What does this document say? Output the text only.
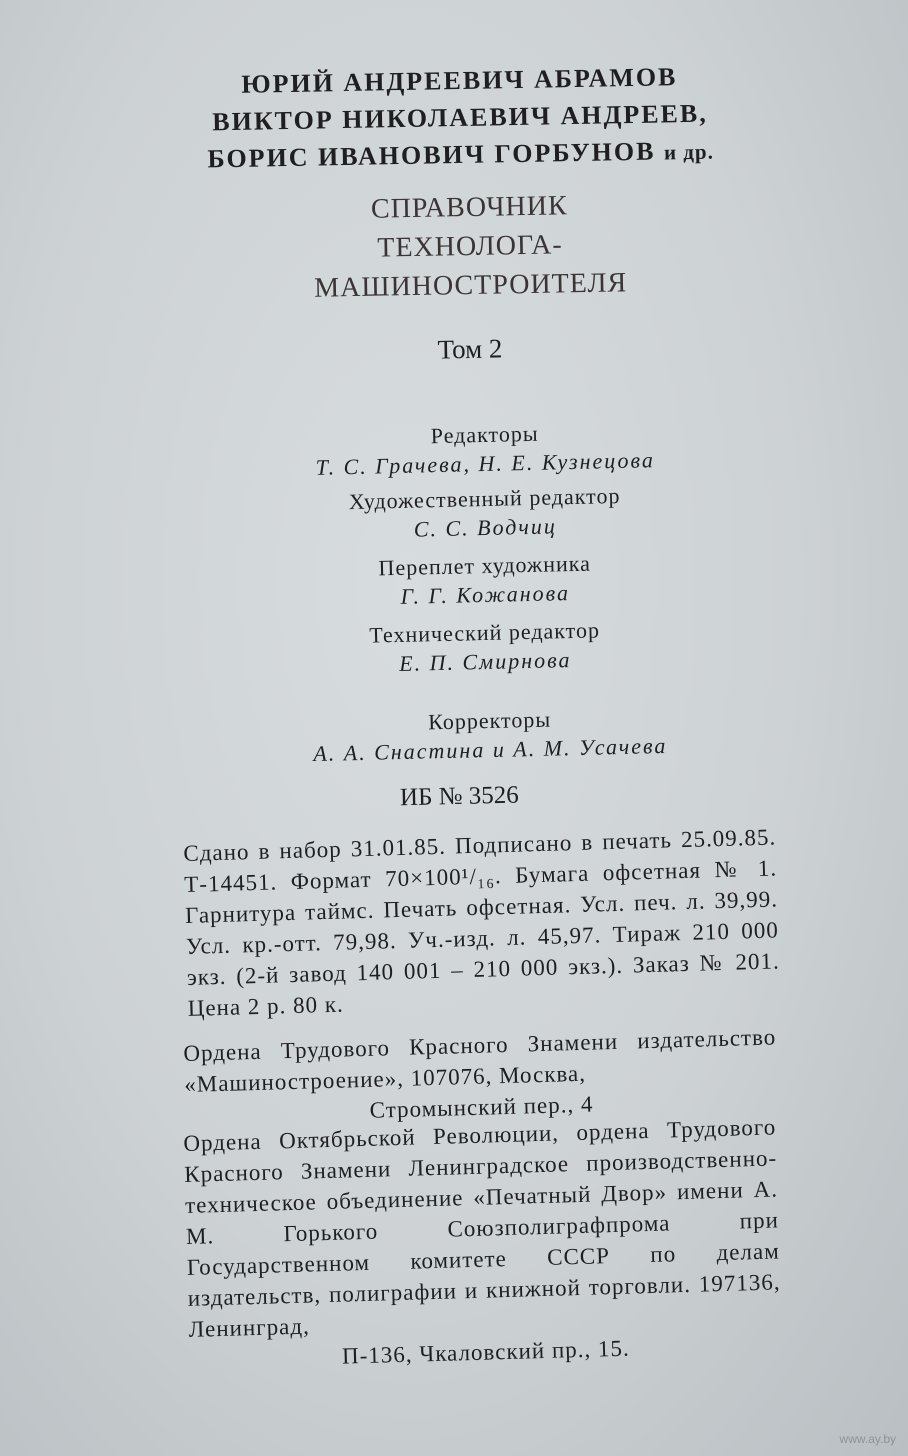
ЮРИЙ АНДРЕЕВИЧ АБРАМОВ
ВИКТОР НИКОЛАЕВИЧ АНДРЕЕВ,
БОРИС ИВАНОВИЧ ГОРБУНОВ и др.
СПРАВОЧНИК
ТЕХНОЛОГА-
МАШИНОСТРОИТЕЛЯ
Том 2
Редакторы
Т. С. Грачева, Н. Е. Кузнецова
Художественный редактор
С. С. Водчиц
Переплет художника
Г. Г. Кожанова
Технический редактор
Е. П. Смирнова
Корректоры
А. А. Снастина и А. М. Усачева
ИБ № 3526

Сдано в набор 31.01.85. Подписано в печать 25.09.85. Т-14451. Формат 70×100¹/₁₆. Бумага офсетная № 1. Гарнитура таймс. Печать офсетная. Усл. печ. л. 39,99. Усл. кр.-отт. 79,98. Уч.-изд. л. 45,97. Тираж 210 000 экз. (2-й завод 140 001 – 210 000 экз.). Заказ № 201. Цена 2 р. 80 к.

Ордена Трудового Красного Знамени издательство «Машиностроение», 107076, Москва,

Стромынский пер., 4

Ордена Октябрьской Революции, ордена Трудового Красного Знамени Ленинградское производственно-техническое объединение «Печатный Двор» имени А. М. Горького Союзполиграфпрома при Государственном комитете СССР по делам издательств, полиграфии и книжной торговли. 197136, Ленинград,

П-136, Чкаловский пр., 15.

www.ay.by
